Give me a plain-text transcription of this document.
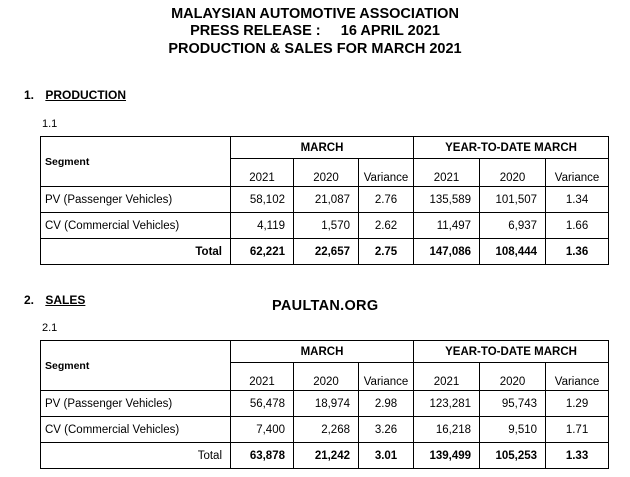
MALAYSIAN AUTOMOTIVE ASSOCIATION
PRESS RELEASE :     16 APRIL 2021
PRODUCTION & SALES FOR MARCH 2021
1. PRODUCTION
1.1
Segment	MARCH			YEAR-TO-DATE MARCH		
	2021	2020	Variance	2021	2020	Variance
PV (Passenger Vehicles)	58,102	21,087	2.76	135,589	101,507	1.34
CV (Commercial Vehicles)	4,119	1,570	2.62	11,497	6,937	1.66
Total	62,221	22,657	2.75	147,086	108,444	1.36
2. SALES	PAULTAN.ORG
2.1
Segment	MARCH			YEAR-TO-DATE MARCH		
	2021	2020	Variance	2021	2020	Variance
PV (Passenger Vehicles)	56,478	18,974	2.98	123,281	95,743	1.29
CV (Commercial Vehicles)	7,400	2,268	3.26	16,218	9,510	1.71
Total	63,878	21,242	3.01	139,499	105,253	1.33
